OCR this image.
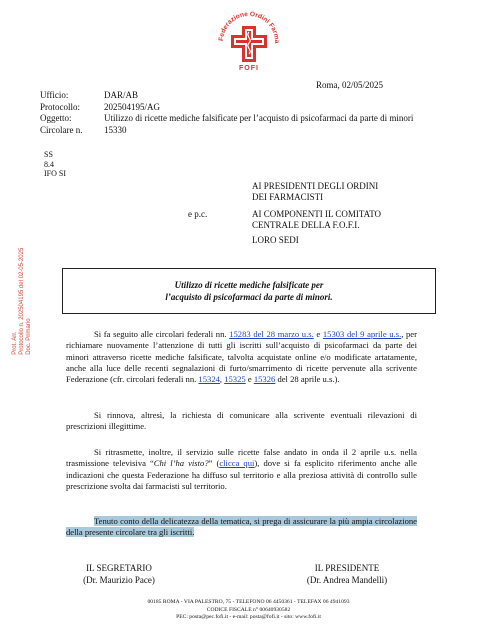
Federazione Ordini Farma
FOFI
Roma, 02/05/2025
Ufficio:	DAR/AB
Protocollo:	202504195/AG
Oggetto:	Utilizzo di ricette mediche falsificate per l’acquisto di psicofarmaci da parte di minori
Circolare n.	15330
SS
8.4
IFO SI
Prot. Arr. Protocollo n. 202504195 del 02-05-2025 Doc. Primario
AI PRESIDENTI DEGLI ORDINI
DEI FARMACISTI
e p.c.	AI COMPONENTI IL COMITATO
CENTRALE DELLA F.O.F.I.
LORO SEDI
Utilizzo di ricette mediche falsificate per
l’acquisto di psicofarmaci da parte di minori.

Si fa seguito alle circolari federali nn. 15283 del 28 marzo u.s. e 15303 del 9 aprile u.s., per richiamare nuovamente l’attenzione di tutti gli iscritti sull’acquisto di psicofarmaci da parte dei minori attraverso ricette mediche falsificate, talvolta acquistate online e/o modificate artatamente, anche alla luce delle recenti segnalazioni di furto/smarrimento di ricette pervenute alla scrivente Federazione (cfr. circolari federali nn. 15324, 15325 e 15326 del 28 aprile u.s.).

Si rinnova, altresì, la richiesta di comunicare alla scrivente eventuali rilevazioni di prescrizioni illegittime.

Si ritrasmette, inoltre, il servizio sulle ricette false andato in onda il 2 aprile u.s. nella trasmissione televisiva “Chi l’ha visto?” (clicca qui), dove si fa esplicito riferimento anche alle indicazioni che questa Federazione ha diffuso sul territorio e alla preziosa attività di controllo sulle prescrizione svolta dai farmacisti sul territorio.

Tenuto conto della delicatezza della tematica, si prega di assicurare la più ampia circolazione della presente circolare tra gli iscritti.

IL SEGRETARIO
(Dr. Maurizio Pace)
IL PRESIDENTE
(Dr. Andrea Mandelli)
00185 ROMA - VIA PALESTRO, 75 - TELEFONO 06 4450361 - TELEFAX 06 4941093
CODICE FISCALE n° 00640930582
PEC: posta@pec.fofi.it - e-mail: posta@fofi.it - sito: www.fofi.it
